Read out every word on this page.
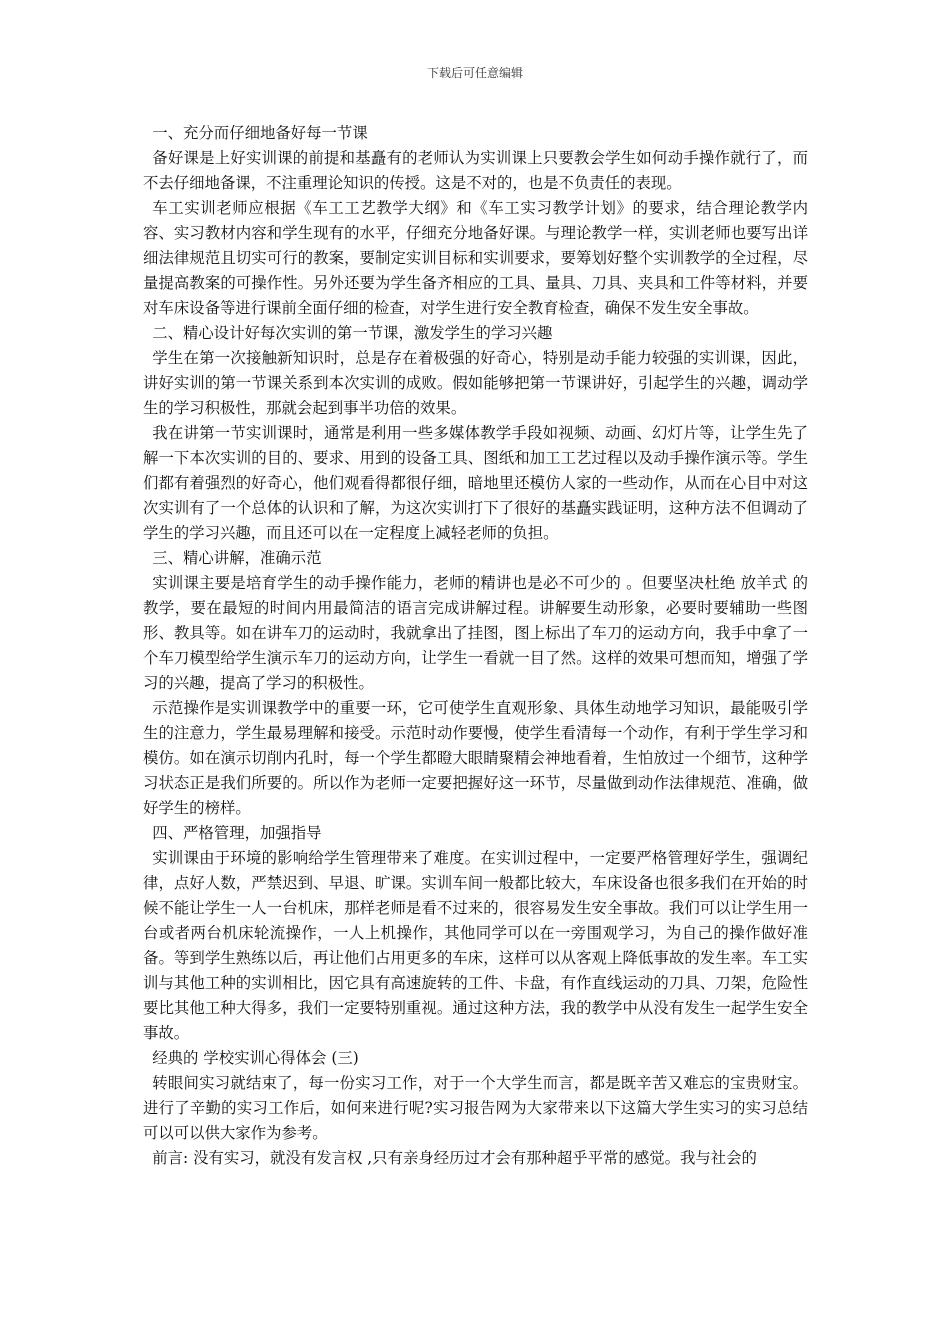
下载后可任意编辑

一、充分而仔细地备好每一节课

备好课是上好实训课的前提和基矗有的老师认为实训课上只要教会学生如何动手操作就行了，而不去仔细地备课，不注重理论知识的传授。这是不对的，也是不负责任的表现。

车工实训老师应根据《车工工艺教学大纲》和《车工实习教学计划》的要求，结合理论教学内容、实习教材内容和学生现有的水平，仔细充分地备好课。与理论教学一样，实训老师也要写出详细法律规范且切实可行的教案，要制定实训目标和实训要求，要筹划好整个实训教学的全过程，尽量提高教案的可操作性。另外还要为学生备齐相应的工具、量具、刀具、夹具和工件等材料，并要对车床设备等进行课前全面仔细的检查，对学生进行安全教育检查，确保不发生安全事故。

二、精心设计好每次实训的第一节课，激发学生的学习兴趣

学生在第一次接触新知识时，总是存在着极强的好奇心，特别是动手能力较强的实训课，因此，讲好实训的第一节课关系到本次实训的成败。假如能够把第一节课讲好，引起学生的兴趣，调动学生的学习积极性，那就会起到事半功倍的效果。

我在讲第一节实训课时，通常是利用一些多媒体教学手段如视频、动画、幻灯片等，让学生先了解一下本次实训的目的、要求、用到的设备工具、图纸和加工工艺过程以及动手操作演示等。学生们都有着强烈的好奇心，他们观看得都很仔细，暗地里还模仿人家的一些动作，从而在心目中对这次实训有了一个总体的认识和了解，为这次实训打下了很好的基矗实践证明，这种方法不但调动了学生的学习兴趣，而且还可以在一定程度上减轻老师的负担。

三、精心讲解，准确示范

实训课主要是培育学生的动手操作能力，老师的精讲也是必不可少的 。但要坚决杜绝 放羊式 的教学，要在最短的时间内用最简洁的语言完成讲解过程。讲解要生动形象，必要时要辅助一些图形、教具等。如在讲车刀的运动时，我就拿出了挂图，图上标出了车刀的运动方向，我手中拿了一个车刀模型给学生演示车刀的运动方向，让学生一看就一目了然。这样的效果可想而知，增强了学习的兴趣，提高了学习的积极性。

示范操作是实训课教学中的重要一环，它可使学生直观形象、具体生动地学习知识，最能吸引学生的注意力，学生最易理解和接受。示范时动作要慢，使学生看清每一个动作，有利于学生学习和模仿。如在演示切削内孔时，每一个学生都瞪大眼睛聚精会神地看着，生怕放过一个细节，这种学习状态正是我们所要的。所以作为老师一定要把握好这一环节，尽量做到动作法律规范、准确，做好学生的榜样。

四、严格管理，加强指导

实训课由于环境的影响给学生管理带来了难度。在实训过程中，一定要严格管理好学生，强调纪律，点好人数，严禁迟到、早退、旷课。实训车间一般都比较大，车床设备也很多我们在开始的时候不能让学生一人一台机床，那样老师是看不过来的，很容易发生安全事故。我们可以让学生用一台或者两台机床轮流操作，一人上机操作，其他同学可以在一旁围观学习，为自己的操作做好准备。等到学生熟练以后，再让他们占用更多的车床，这样可以从客观上降低事故的发生率。车工实训与其他工种的实训相比，因它具有高速旋转的工件、卡盘，有作直线运动的刀具、刀架，危险性要比其他工种大得多，我们一定要特别重视。通过这种方法，我的教学中从没有发生一起学生安全事故。

经典的 学校实训心得体会 (三)

转眼间实习就结束了，每一份实习工作，对于一个大学生而言，都是既辛苦又难忘的宝贵财宝。进行了辛勤的实习工作后，如何来进行呢?实习报告网为大家带来以下这篇大学生实习的实习总结可以可以供大家作为参考。

前言: 没有实习，就没有发言权 ,只有亲身经历过才会有那种超乎平常的感觉。我与社会的
